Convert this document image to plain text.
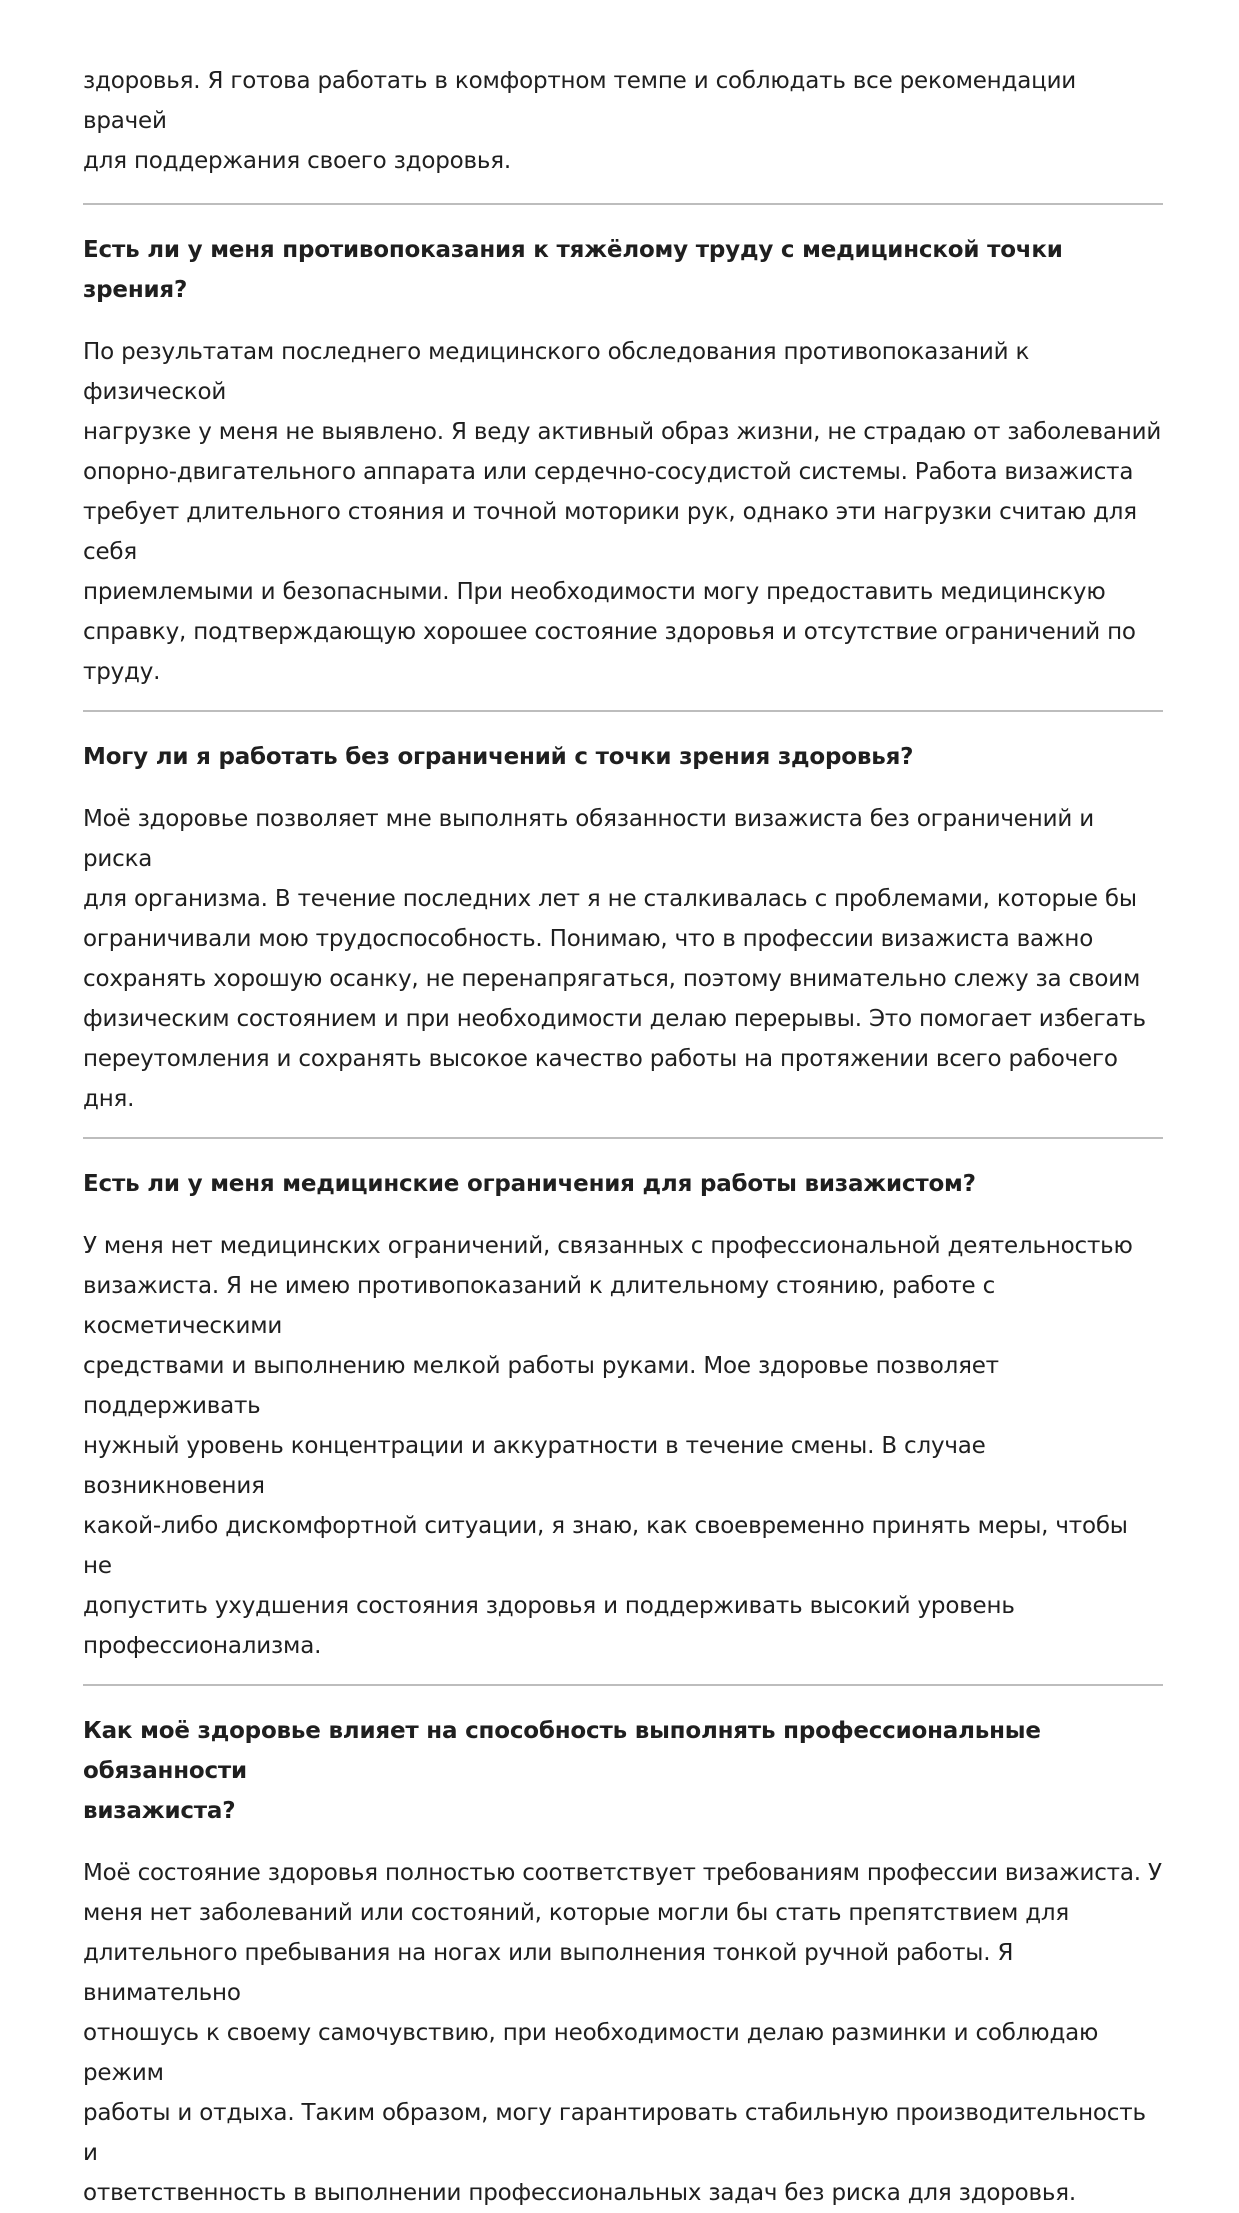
здоровья. Я готова работать в комфортном темпе и соблюдать все рекомендации врачей
для поддержания своего здоровья.

Есть ли у меня противопоказания к тяжёлому труду с медицинской точки зрения?

По результатам последнего медицинского обследования противопоказаний к физической
нагрузке у меня не выявлено. Я веду активный образ жизни, не страдаю от заболеваний
опорно-двигательного аппарата или сердечно-сосудистой системы. Работа визажиста
требует длительного стояния и точной моторики рук, однако эти нагрузки считаю для себя
приемлемыми и безопасными. При необходимости могу предоставить медицинскую
справку, подтверждающую хорошее состояние здоровья и отсутствие ограничений по
труду.

Могу ли я работать без ограничений с точки зрения здоровья?

Моё здоровье позволяет мне выполнять обязанности визажиста без ограничений и риска
для организма. В течение последних лет я не сталкивалась с проблемами, которые бы
ограничивали мою трудоспособность. Понимаю, что в профессии визажиста важно
сохранять хорошую осанку, не перенапрягаться, поэтому внимательно слежу за своим
физическим состоянием и при необходимости делаю перерывы. Это помогает избегать
переутомления и сохранять высокое качество работы на протяжении всего рабочего дня.

Есть ли у меня медицинские ограничения для работы визажистом?

У меня нет медицинских ограничений, связанных с профессиональной деятельностью
визажиста. Я не имею противопоказаний к длительному стоянию, работе с косметическими
средствами и выполнению мелкой работы руками. Мое здоровье позволяет поддерживать
нужный уровень концентрации и аккуратности в течение смены. В случае возникновения
какой-либо дискомфортной ситуации, я знаю, как своевременно принять меры, чтобы не
допустить ухудшения состояния здоровья и поддерживать высокий уровень
профессионализма.

Как моё здоровье влияет на способность выполнять профессиональные обязанности
визажиста?

Моё состояние здоровья полностью соответствует требованиям профессии визажиста. У
меня нет заболеваний или состояний, которые могли бы стать препятствием для
длительного пребывания на ногах или выполнения тонкой ручной работы. Я внимательно
отношусь к своему самочувствию, при необходимости делаю разминки и соблюдаю режим
работы и отдыха. Таким образом, могу гарантировать стабильную производительность и
ответственность в выполнении профессиональных задач без риска для здоровья.
